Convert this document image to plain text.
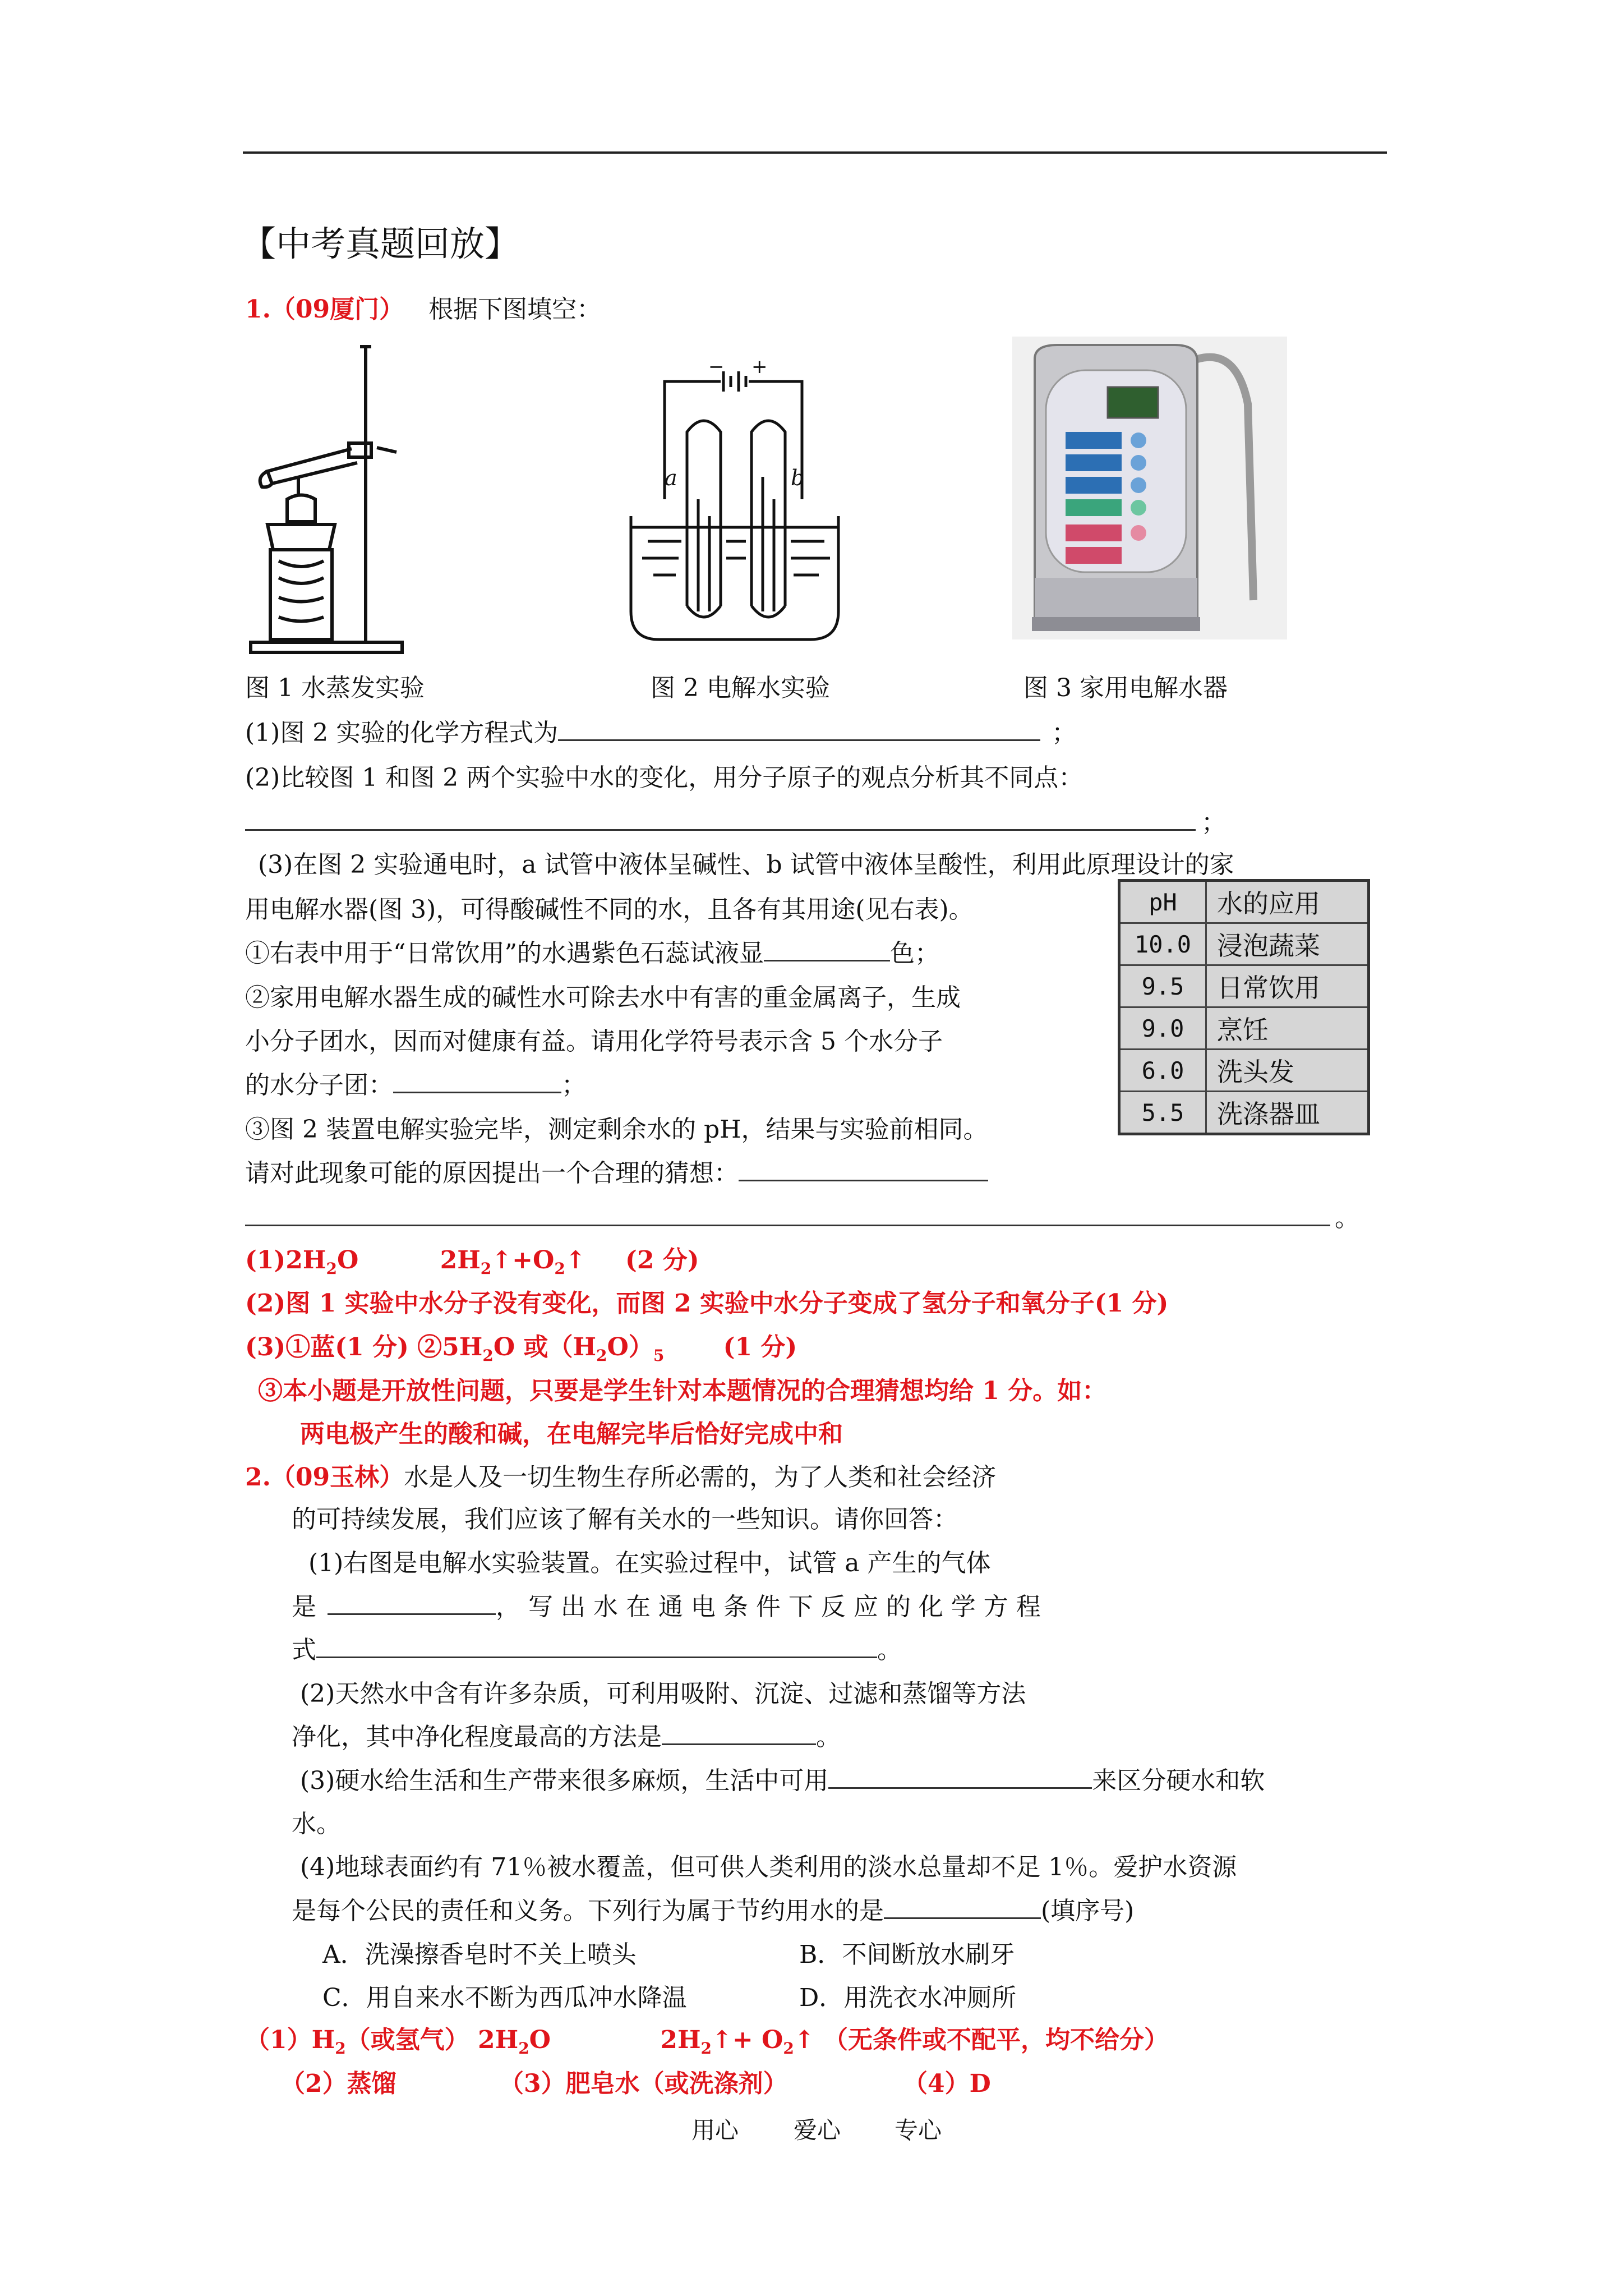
【中考真题回放】
1.（09厦门） 根据下图填空：
a	b
+
−
图 1 水蒸发实验	图 2 电解水实验	图 3 家用电解水器
(1)图 2 实验的化学方程式为	；
(2)比较图 1 和图 2 两个实验中水的变化，用分子原子的观点分析其不同点：
；
(3)在图 2 实验通电时，a 试管中液体呈碱性、b 试管中液体呈酸性，利用此原理设计的家
用电解水器(图 3)，可得酸碱性不同的水，且各有其用途(见右表)。
①右表中用于“日常饮用”的水遇紫色石蕊试液显	色；
②家用电解水器生成的碱性水可除去水中有害的重金属离子，生成
小分子团水，因而对健康有益。请用化学符号表示含 5 个水分子
的水分子团：	；
③图 2 装置电解实验完毕，测定剩余水的 pH，结果与实验前相同。
请对此现象可能的原因提出一个合理的猜想：
。
pH	水的应用
10.0	浸泡蔬菜
9.5	日常饮用
9.0	烹饪
6.0	洗头发
5.5	洗涤器皿
$(1)2H_2O$	$2H_2↑+O_2↑$ (2 分)
(2)图 1 实验中水分子没有变化，而图 2 实验中水分子变成了氢分子和氧分子(1 分)
(3)①蓝(1 分) $②5H_2O$ 或$(H_2O)_5$ (1 分)
③本小题是开放性问题，只要是学生针对本题情况的合理猜想均给 1 分。如：
两电极产生的酸和碱，在电解完毕后恰好完成中和
2.（09玉林）水是人及一切生物生存所必需的，为了人类和社会经济
的可持续发展，我们应该了解有关水的一些知识。请你回答：
(1)右图是电解水实验装置。在实验过程中，试管 a 产生的气体
是	， 写 出 水 在 通 电 条 件 下 反 应 的 化 学 方 程
式	。
(2)天然水中含有许多杂质，可利用吸附、沉淀、过滤和蒸馏等方法
净化，其中净化程度最高的方法是	。
(3)硬水给生活和生产带来很多麻烦，生活中可用	来区分硬水和软
水。
(4)地球表面约有 71％被水覆盖，但可供人类利用的淡水总量却不足 1％。爱护水资源
是每个公民的责任和义务。下列行为属于节约用水的是	(填序号)
A．洗澡擦香皂时不关上喷头	B．不间断放水刷牙
C．用自来水不断为西瓜冲水降温	D．用洗衣水冲厕所
$(1)H_2$（或氢气） $2H_2O$	$2H_2↑+$ $O_2↑$ （无条件或不配平，均不给分）
（2）蒸馏	（3）肥皂水（或洗涤剂）	（4）D
用心 爱心 专心
